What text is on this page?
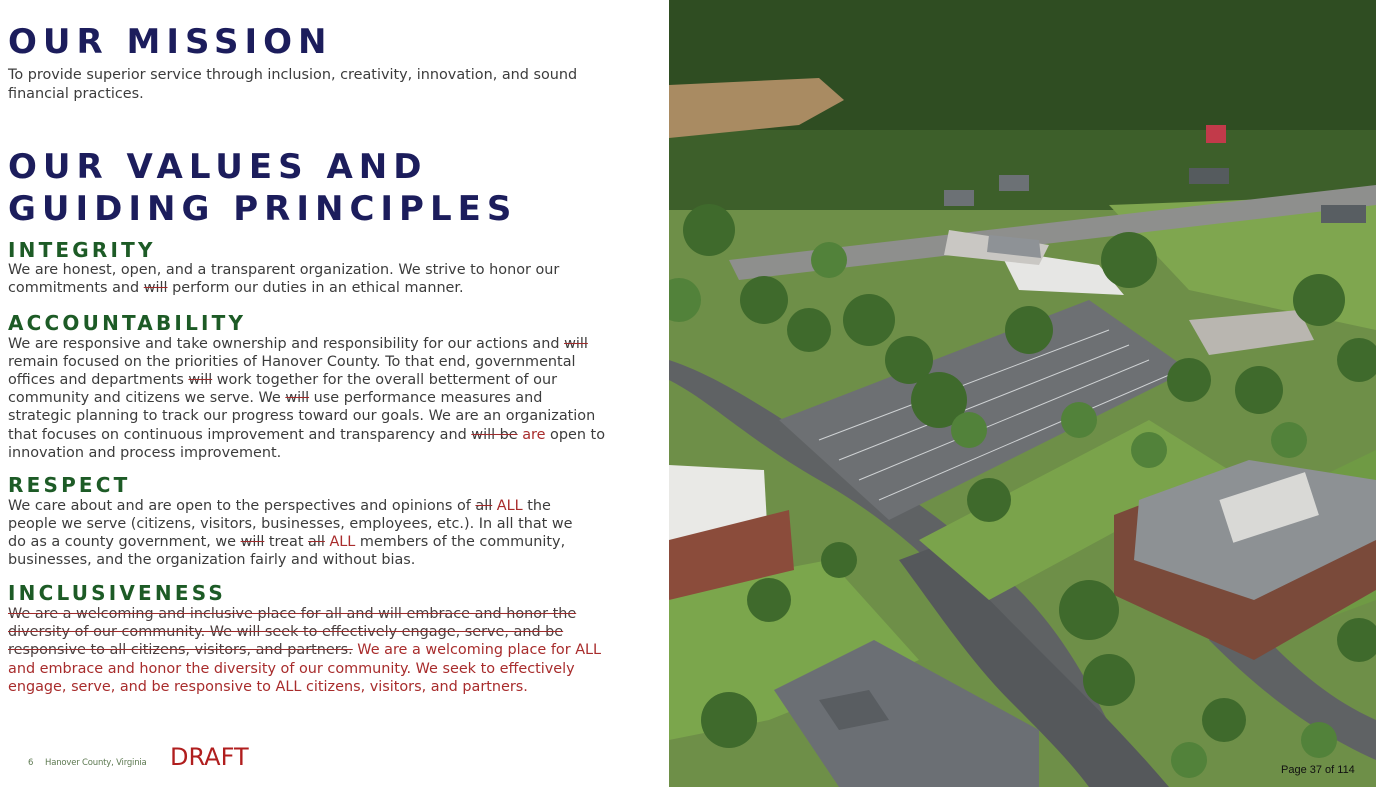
OUR MISSION
To provide superior service through inclusion, creativity, innovation, and sound
financial practices.
OUR VALUES AND
GUIDING PRINCIPLES
INTEGRITY
We are honest, open, and a transparent organization. We strive to honor our
commitments and will perform our duties in an ethical manner.
ACCOUNTABILITY
We are responsive and take ownership and responsibility for our actions and will
remain focused on the priorities of Hanover County. To that end, governmental
offices and departments will work together for the overall betterment of our
community and citizens we serve. We will use performance measures and
strategic planning to track our progress toward our goals. We are an organization
that focuses on continuous improvement and transparency and will be are open to
innovation and process improvement.
RESPECT
We care about and are open to the perspectives and opinions of all ALL the
people we serve (citizens, visitors, businesses, employees, etc.). In all that we
do as a county government, we will treat all ALL members of the community,
businesses, and the organization fairly and without bias.
INCLUSIVENESS
We are a welcoming and inclusive place for all and will embrace and honor the
diversity of our community. We will seek to effectively engage, serve, and be
responsive to all citizens, visitors, and partners. We are a welcoming place for ALL
and embrace and honor the diversity of our community. We seek to effectively
engage, serve, and be responsive to ALL citizens, visitors, and partners.
6 Hanover County, Virginia DRAFT	Page 37 of 114
